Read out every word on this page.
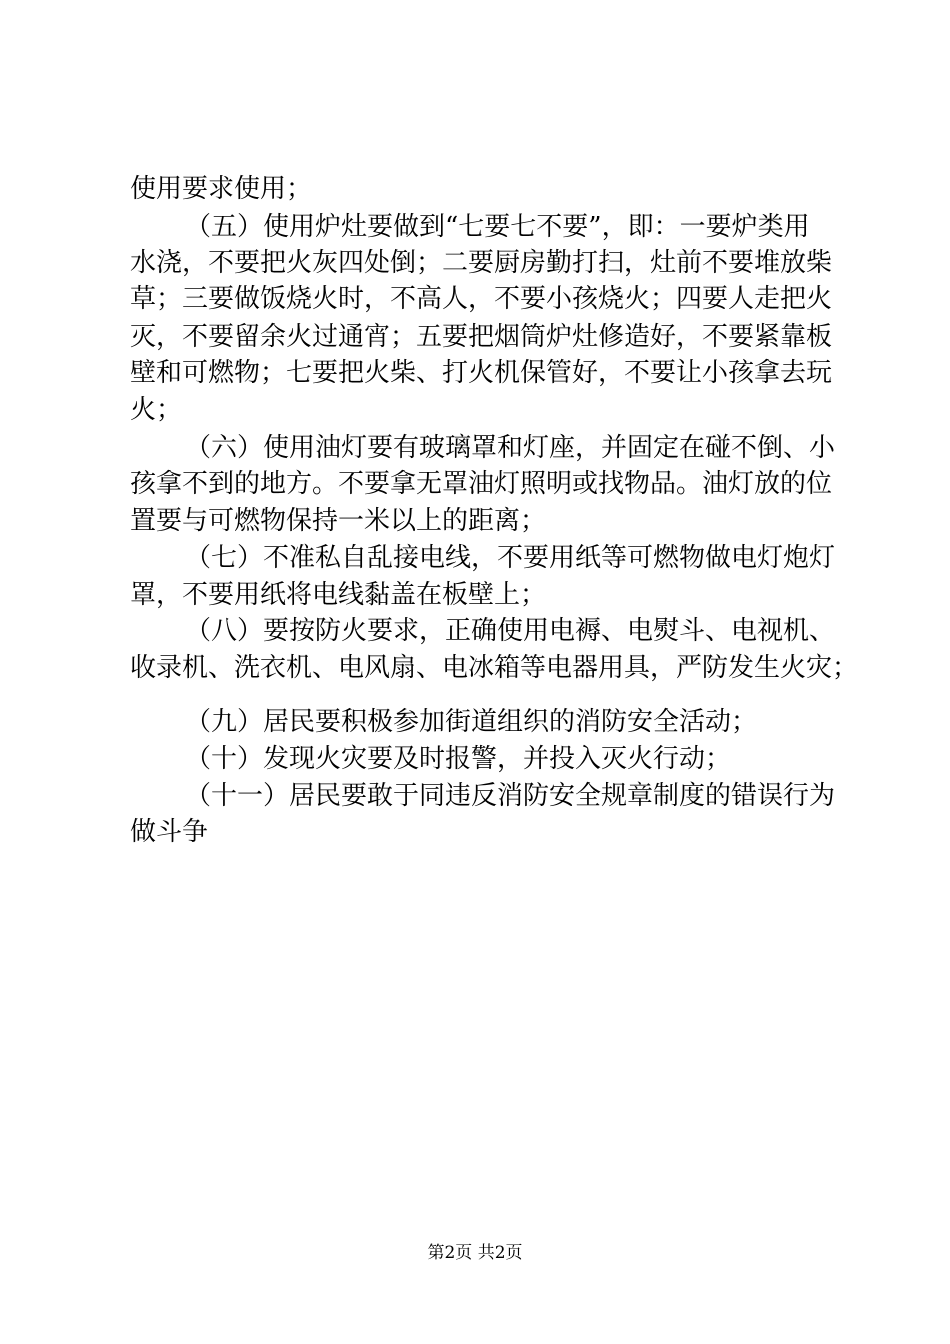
使用要求使用；
（五）使用炉灶要做到“七要七不要”，即：一要炉类用
水浇，不要把火灰四处倒；二要厨房勤打扫，灶前不要堆放柴
草；三要做饭烧火时，不高人，不要小孩烧火；四要人走把火
灭，不要留余火过通宵；五要把烟筒炉灶修造好，不要紧靠板
壁和可燃物；七要把火柴、打火机保管好，不要让小孩拿去玩
火；
（六）使用油灯要有玻璃罩和灯座，并固定在碰不倒、小
孩拿不到的地方。不要拿无罩油灯照明或找物品。油灯放的位
置要与可燃物保持一米以上的距离；
（七）不准私自乱接电线，不要用纸等可燃物做电灯炮灯
罩，不要用纸将电线黏盖在板壁上；
（八）要按防火要求，正确使用电褥、电熨斗、电视机、
收录机、洗衣机、电风扇、电冰箱等电器用具，严防发生火灾；
（九）居民要积极参加街道组织的消防安全活动；
（十）发现火灾要及时报警，并投入灭火行动；
（十一）居民要敢于同违反消防安全规章制度的错误行为
做斗争
第2页 共2页
